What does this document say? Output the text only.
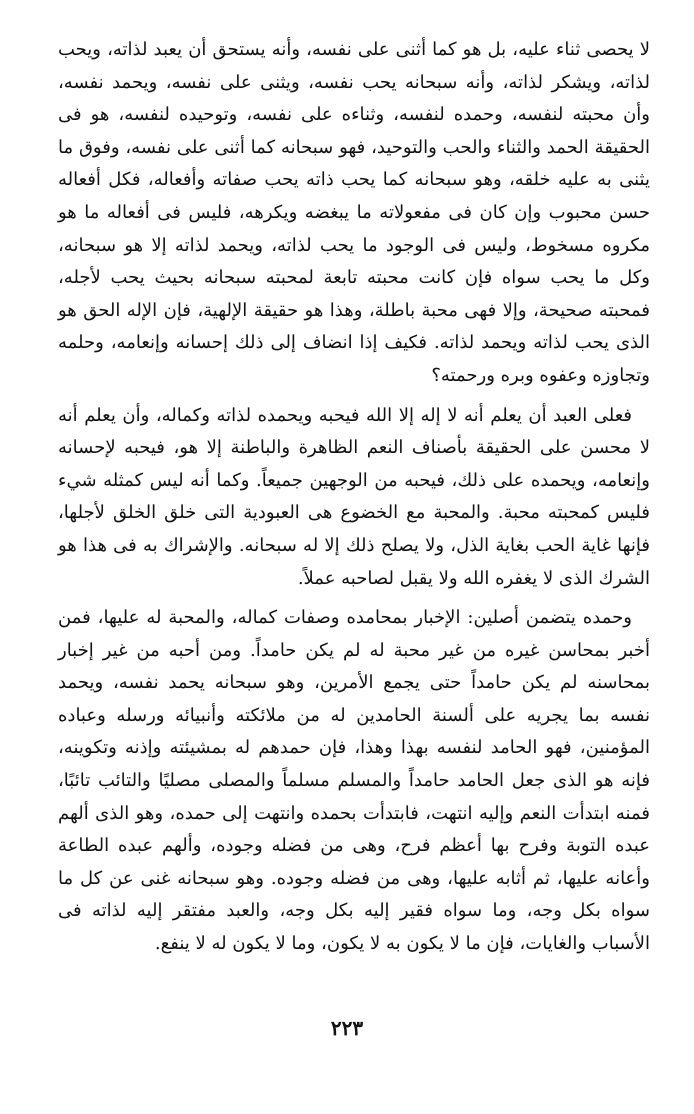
لا يحصى ثناء عليه، بل هو كما أثنى على نفسه، وأنه يستحق أن يعبد لذاته، ويحب لذاته، ويشكر لذاته، وأنه سبحانه يحب نفسه، ويثنى على نفسه، ويحمد نفسه، وأن محبته لنفسه، وحمده لنفسه، وثناءه على نفسه، وتوحيده لنفسه، هو فى الحقيقة الحمد والثناء والحب والتوحيد، فهو سبحانه كما أثنى على نفسه، وفوق ما يثنى به عليه خلقه، وهو سبحانه كما يحب ذاته يحب صفاته وأفعاله، فكل أفعاله حسن محبوب وإن كان فى مفعولاته ما يبغضه ويكرهه، فليس فى أفعاله ما هو مكروه مسخوط، وليس فى الوجود ما يحب لذاته، ويحمد لذاته إلا هو سبحانه، وكل ما يحب سواه فإن كانت محبته تابعة لمحبته سبحانه بحيث يحب لأجله، فمحبته صحيحة، وإلا فهى محبة باطلة، وهذا هو حقيقة الإلهية، فإن الإله الحق هو الذى يحب لذاته ويحمد لذاته. فكيف إذا انضاف إلى ذلك إحسانه وإنعامه، وحلمه وتجاوزه وعفوه وبره ورحمته؟

فعلى العبد أن يعلم أنه لا إله إلا الله فيحبه ويحمده لذاته وكماله، وأن يعلم أنه لا محسن على الحقيقة بأصناف النعم الظاهرة والباطنة إلا هو، فيحبه لإحسانه وإنعامه، ويحمده على ذلك، فيحبه من الوجهين جميعاً. وكما أنه ليس كمثله شيء فليس كمحبته محبة. والمحبة مع الخضوع هى العبودية التى خلق الخلق لأجلها، فإنها غاية الحب بغاية الذل، ولا يصلح ذلك إلا له سبحانه. والإشراك به فى هذا هو الشرك الذى لا يغفره الله ولا يقبل لصاحبه عملاً.

وحمده يتضمن أصلين: الإخبار بمحامده وصفات كماله، والمحبة له عليها، فمن أخبر بمحاسن غيره من غير محبة له لم يكن حامداً. ومن أحبه من غير إخبار بمحاسنه لم يكن حامداً حتى يجمع الأمرين، وهو سبحانه يحمد نفسه، ويحمد نفسه بما يجريه على ألسنة الحامدين له من ملائكته وأنبيائه ورسله وعباده المؤمنين، فهو الحامد لنفسه بهذا وهذا، فإن حمدهم له بمشيئته وإذنه وتكوينه، فإنه هو الذى جعل الحامد حامداً والمسلم مسلماً والمصلى مصليًا والتائب تائبًا، فمنه ابتدأت النعم وإليه انتهت، فابتدأت بحمده وانتهت إلى حمده، وهو الذى ألهم عبده التوبة وفرح بها أعظم فرح، وهى من فضله وجوده، وألهم عبده الطاعة وأعانه عليها، ثم أثابه عليها، وهى من فضله وجوده. وهو سبحانه غنى عن كل ما سواه بكل وجه، وما سواه فقير إليه بكل وجه، والعبد مفتقر إليه لذاته فى الأسباب والغايات، فإن ما لا يكون به لا يكون، وما لا يكون له لا ينفع.

٢٢٣
